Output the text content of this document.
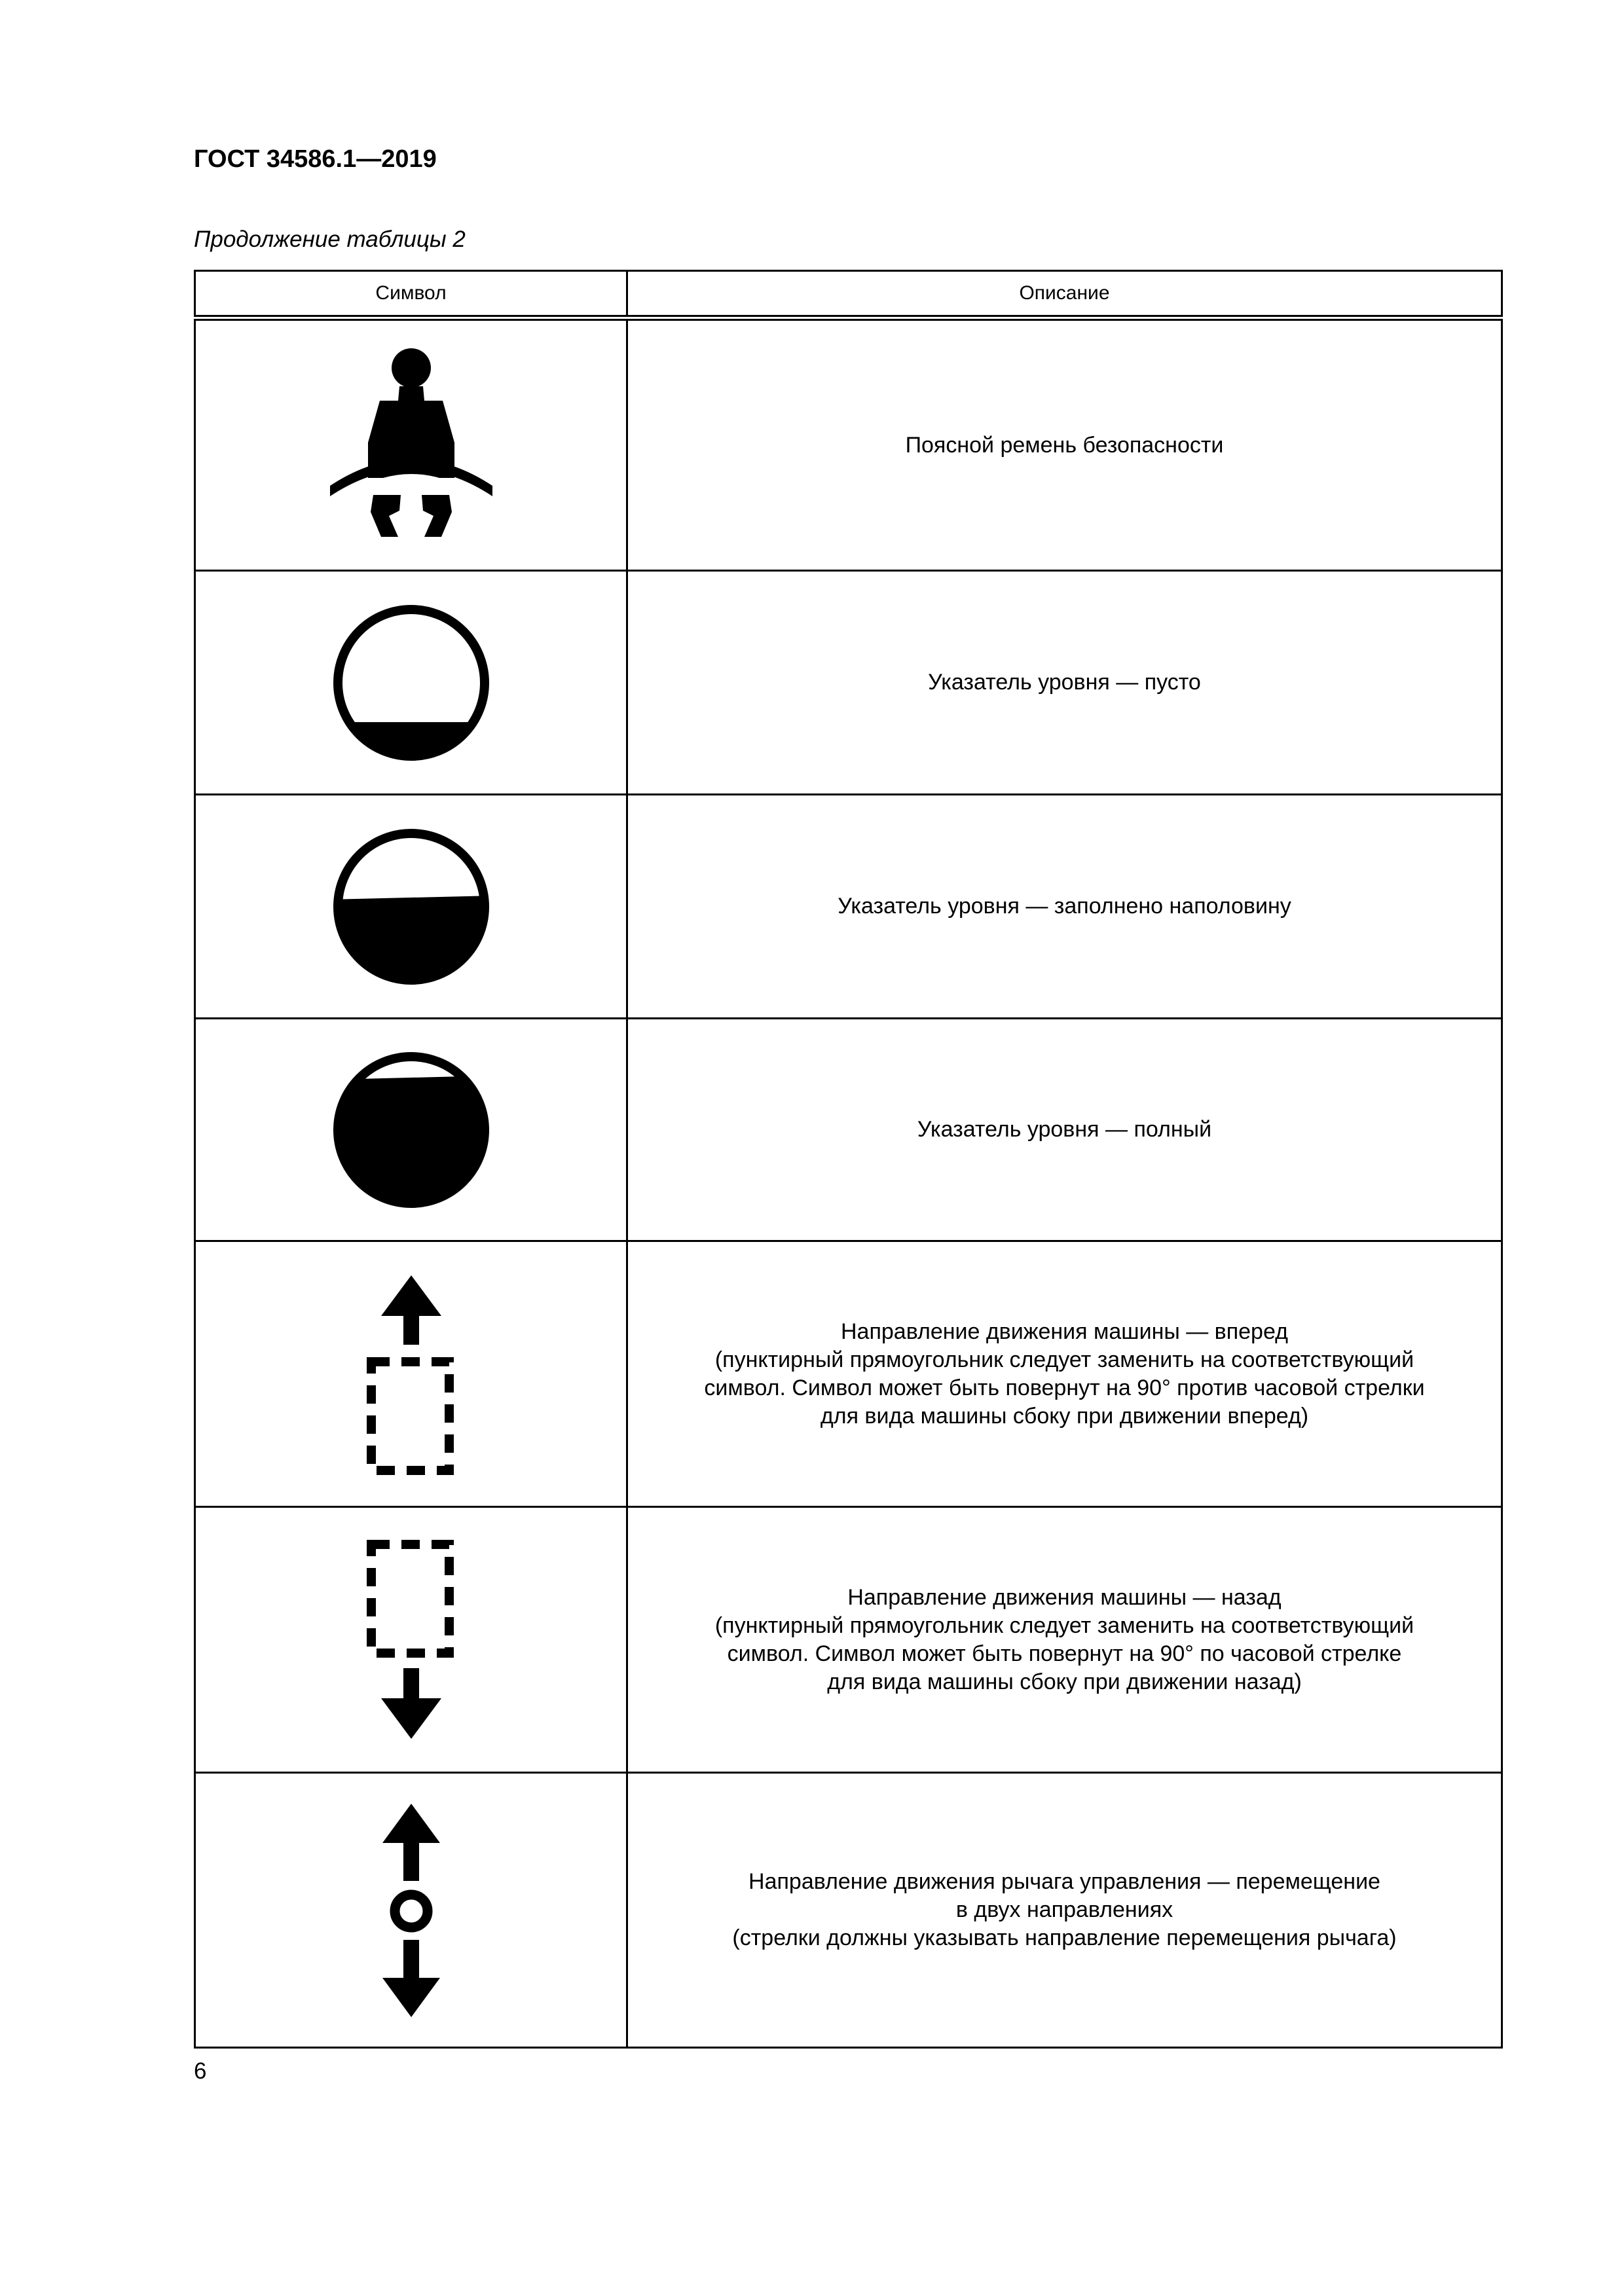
ГОСТ 34586.1—2019
Продолжение таблицы 2
Символ	Описание

Поясной ремень безопасности

Указатель уровня — пусто

Указатель уровня — заполнено наполовину

Указатель уровня — полный

Направление движения машины — вперед
(пунктирный прямоугольник следует заменить на соответствующий
символ. Символ может быть повернут на 90° против часовой стрелки
для вида машины сбоку при движении вперед)

Направление движения машины — назад
(пунктирный прямоугольник следует заменить на соответствующий
символ. Символ может быть повернут на 90° по часовой стрелке
для вида машины сбоку при движении назад)

Направление движения рычага управления — перемещение
в двух направлениях
(стрелки должны указывать направление перемещения рычага)
6
